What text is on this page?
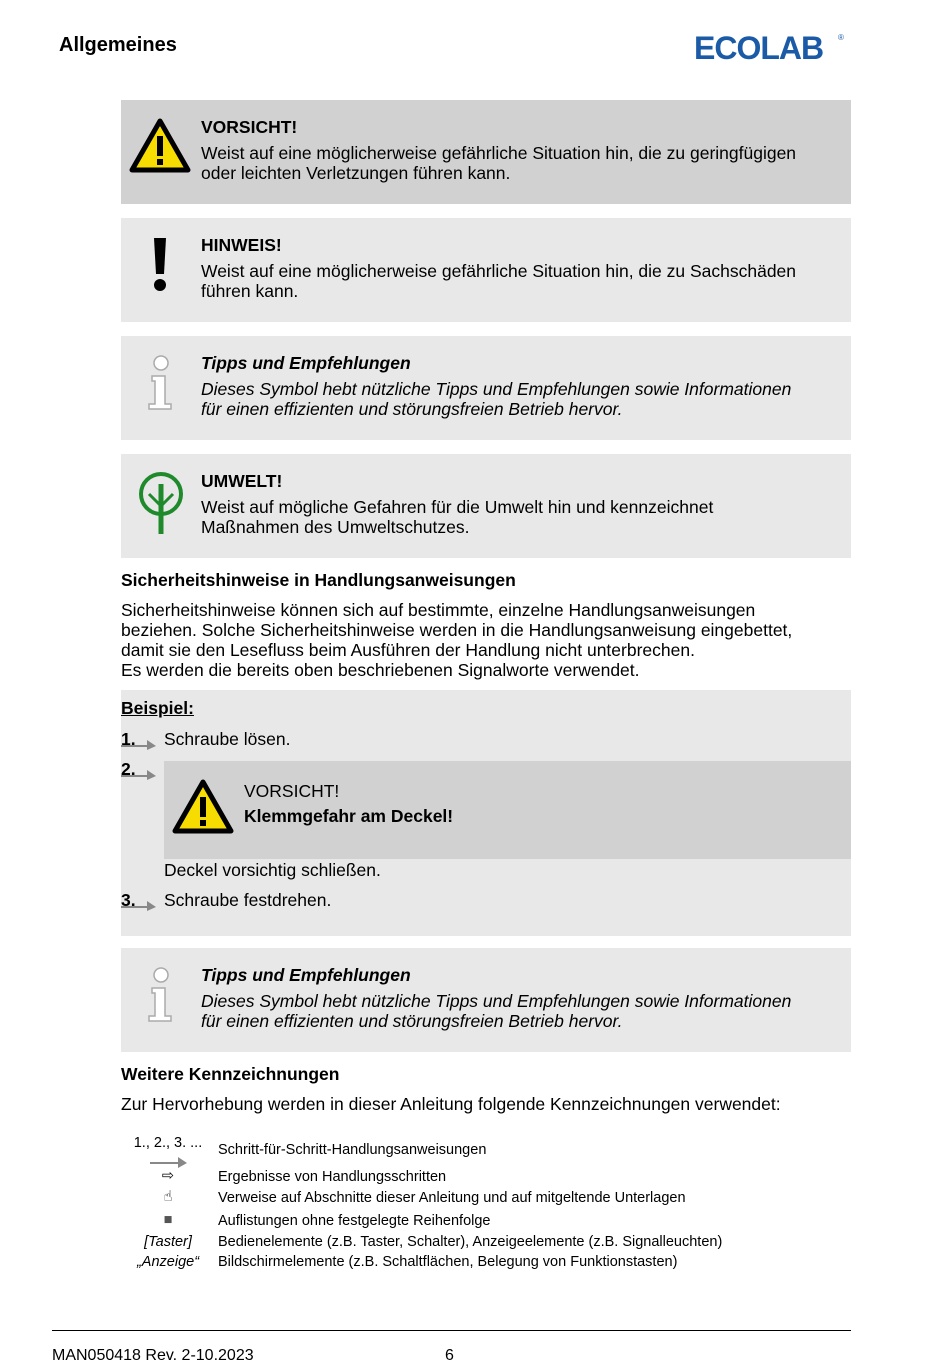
Allgemeines	ECOLAB ®
VORSICHT!
Weist auf eine möglicherweise gefährliche Situation hin, die zu geringfügigen
oder leichten Verletzungen führen kann.
HINWEIS!
Weist auf eine möglicherweise gefährliche Situation hin, die zu Sachschäden
führen kann.
Tipps und Empfehlungen
Dieses Symbol hebt nützliche Tipps und Empfehlungen sowie Informationen
für einen effizienten und störungsfreien Betrieb hervor.
UMWELT!
Weist auf mögliche Gefahren für die Umwelt hin und kennzeichnet
Maßnahmen des Umweltschutzes.
Sicherheitshinweise in Handlungsanweisungen
Sicherheitshinweise können sich auf bestimmte, einzelne Handlungsanweisungen
beziehen. Solche Sicherheitshinweise werden in die Handlungsanweisung eingebettet,
damit sie den Lesefluss beim Ausführen der Handlung nicht unterbrechen.
Es werden die bereits oben beschriebenen Signalworte verwendet.
Beispiel:
1. Schraube lösen.
2.
VORSICHT!
Klemmgefahr am Deckel!
Deckel vorsichtig schließen.
3. Schraube festdrehen.
Tipps und Empfehlungen
Dieses Symbol hebt nützliche Tipps und Empfehlungen sowie Informationen
für einen effizienten und störungsfreien Betrieb hervor.
Weitere Kennzeichnungen
Zur Hervorhebung werden in dieser Anleitung folgende Kennzeichnungen verwendet:
1., 2., 3. ...	Schritt-für-Schritt-Handlungsanweisungen
⇨	Ergebnisse von Handlungsschritten
☝	Verweise auf Abschnitte dieser Anleitung und auf mitgeltende Unterlagen
■	Auflistungen ohne festgelegte Reihenfolge
[Taster]	Bedienelemente (z.B. Taster, Schalter), Anzeigeelemente (z.B. Signalleuchten)
„Anzeige“	Bildschirmelemente (z.B. Schaltflächen, Belegung von Funktionstasten)
MAN050418 Rev. 2-10.2023	6
